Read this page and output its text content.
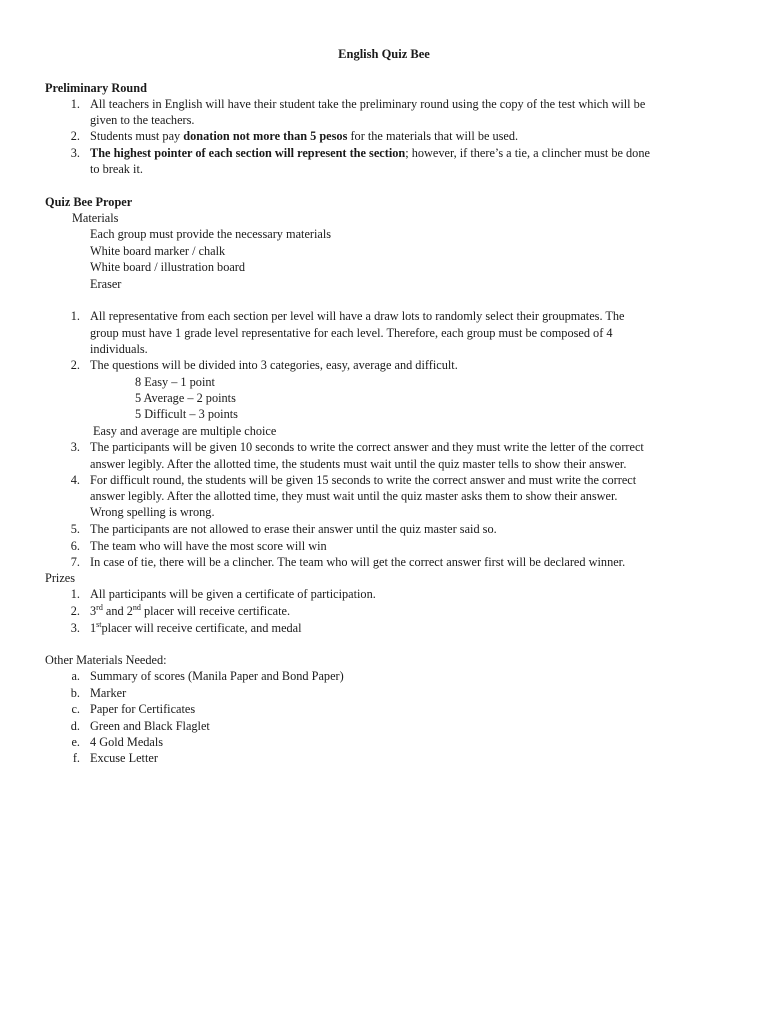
English Quiz Bee
Preliminary Round
1. All teachers in English will have their student take the preliminary round using the copy of the test which will be
given to the teachers.
2. Students must pay donation not more than 5 pesos for the materials that will be used.
3. The highest pointer of each section will represent the section; however, if there’s a tie, a clincher must be done
to break it.
Quiz Bee Proper
Materials
Each group must provide the necessary materials
White board marker / chalk
White board / illustration board
Eraser
1. All representative from each section per level will have a draw lots to randomly select their groupmates. The
group must have 1 grade level representative for each level. Therefore, each group must be composed of 4
individuals.
2. The questions will be divided into 3 categories, easy, average and difficult.
8 Easy – 1 point
5 Average – 2 points
5 Difficult – 3 points
Easy and average are multiple choice
3. The participants will be given 10 seconds to write the correct answer and they must write the letter of the correct
answer legibly. After the allotted time, the students must wait until the quiz master tells to show their answer.
4. For difficult round, the students will be given 15 seconds to write the correct answer and must write the correct
answer legibly. After the allotted time, they must wait until the quiz master asks them to show their answer.
Wrong spelling is wrong.
5. The participants are not allowed to erase their answer until the quiz master said so.
6. The team who will have the most score will win
7. In case of tie, there will be a clincher. The team who will get the correct answer first will be declared winner.
Prizes
1. All participants will be given a certificate of participation.
2. 3rd and 2nd placer will receive certificate.
3. 1stplacer will receive certificate, and medal
Other Materials Needed:
a. Summary of scores (Manila Paper and Bond Paper)
b. Marker
c. Paper for Certificates
d. Green and Black Flaglet
e. 4 Gold Medals
f. Excuse Letter
